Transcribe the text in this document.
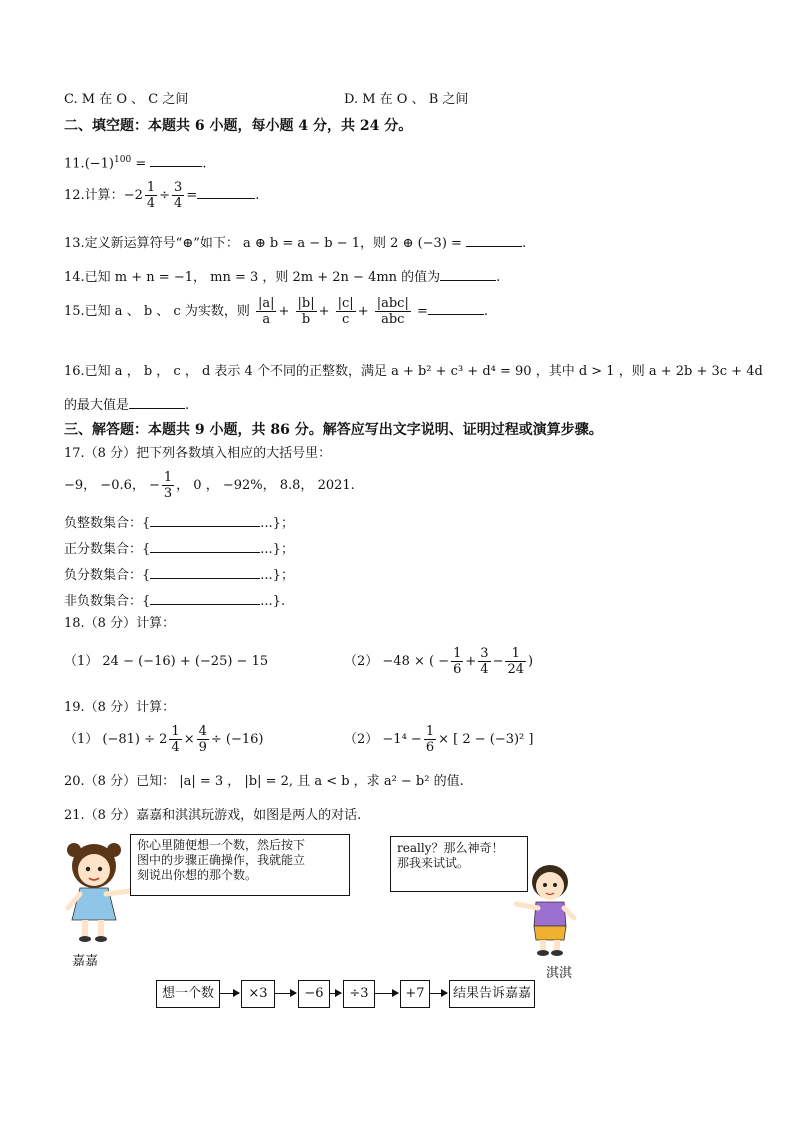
C. M 在 O 、 C 之间	D. M 在 O 、 B 之间
二、填空题：本题共 6 小题，每小题 4 分，共 24 分。
$11.(-1)^{100}$ =	.
12.计算：$-2 \frac{1}{4} \div \frac{3}{4}$ =	.
13.定义新运算符号“⊕”如下： a ⊕ b = a − b − 1，则 2 ⊕ (−3) =	.
14.已知 m + n = −1， mn = 3 ，则 2m + 2n − 4mn 的值为	.
15.已知 a 、 b 、 c 为实数，则 $\frac{|a|}{a} + \frac{|b|}{b} + \frac{|c|}{c} + \frac{\text{|abc|}}{\text{abc}}$ =	.
16.已知 a ， b ， c ， d 表示 4 个不同的正整数，满足 a + b² + c³ + d⁴ = 90 ，其中 d > 1 ，则 a + 2b + 3c + 4d
的最大值是	.
三、解答题：本题共 9 小题，共 86 分。解答应写出文字说明、证明过程或演算步骤。
17.（8 分）把下列各数填入相应的大括号里：
−9， −0.6， − $\frac{1}{3}$ ， 0 ， −92%， 8.8， 2021.
负整数集合：{	...}；
正分数集合：{	...}；
负分数集合：{	...}；
非负数集合：{	...}.
18.（8 分）计算：
（1） 24 − (−16) + (−25) − 15	（2） −48 × ( − $\frac{1}{6} + \frac{3}{4} - \frac{1}{24}$ )
19.（8 分）计算：
（1） $(-81) \div 2 \frac{1}{4} \times \frac{4}{9} \div (-16)$	$(2) -1^4 - \frac{1}{6}$ × [ 2 − (−3)² ]
20.（8 分）已知： |a| = 3 ， |b| = 2, 且 a < b ，求 a² − b² 的值.
21.（8 分）嘉嘉和淇淇玩游戏，如图是两人的对话.
嘉嘉
你心里随便想一个数，然后按下
图中的步骤正确操作，我就能立
刻说出你想的那个数。
really？那么神奇！
那我来试试。
淇淇
想一个数	×3	−6	÷3	+7	结果告诉嘉嘉
